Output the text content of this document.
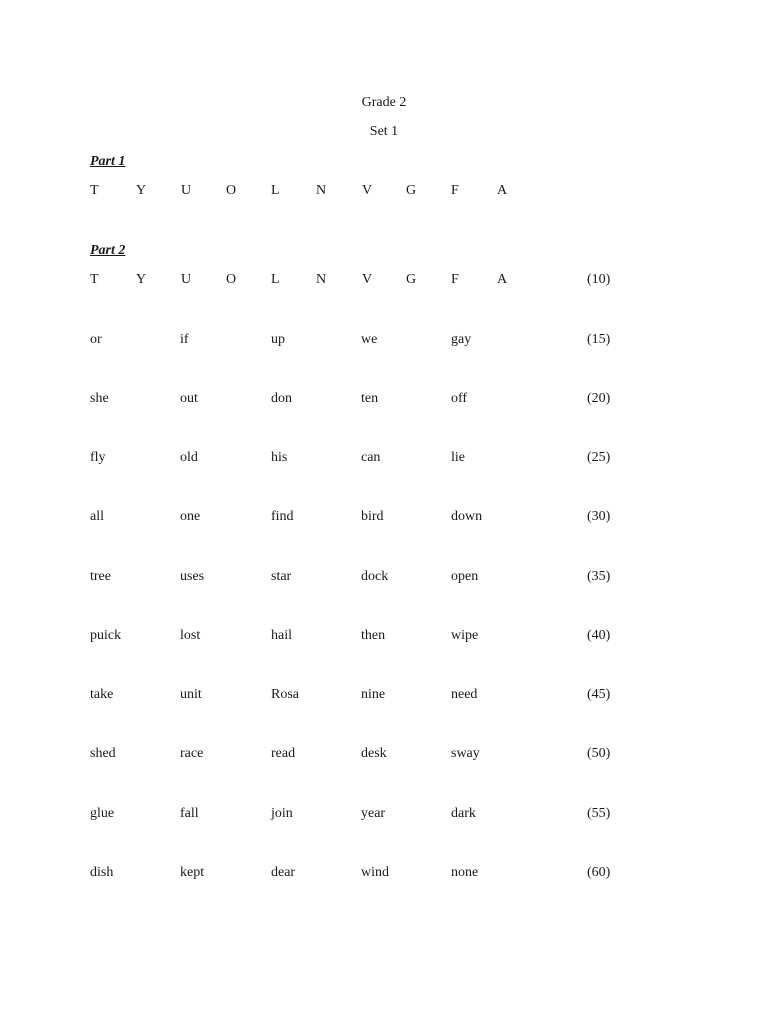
Grade 2
Set 1
Part 1
T	Y U O L	N	V G F	A
Part 2
T	Y U O L	N	V G F	A	(10)
or	if	up	we	gay	(15)
she	out	don	ten	off	(20)
fly	old	his	can	lie	(25)
all	one	find	bird	down	(30)
tree	uses	star	dock	open	(35)
puick	lost	hail	then	wipe	(40)
take	unit	Rosa	nine	need	(45)
shed	race	read	desk	sway	(50)
glue	fall	join	year	dark	(55)
dish	kept	dear	wind	none	(60)
